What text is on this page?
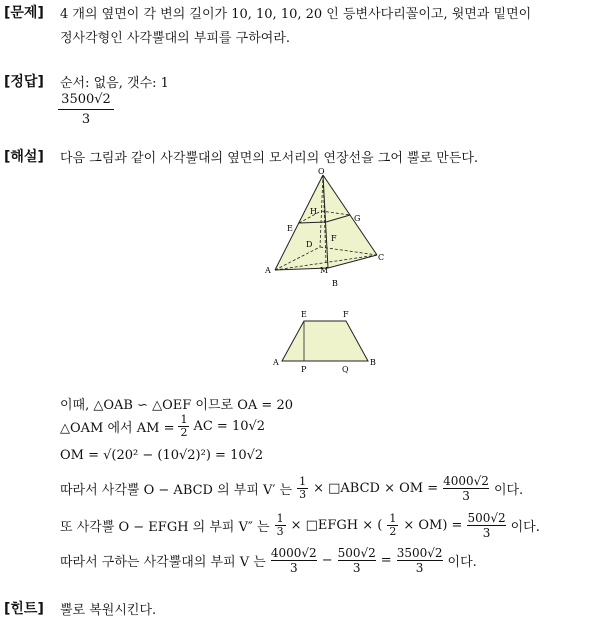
[문제] 4 개의 옆면이 각 변의 길이가 10, 10, 10, 20 인 등변사다리꼴이고, 윗면과 밑면이
정사각형인 사각뿔대의 부피를 구하여라.
[정답] 순서: 없음, 갯수: 1
$\frac{3500√2}{3}$
[해설] 다음 그림과 같이 사각뿔대의 옆면의 모서리의 연장선을 그어 뿔로 만든다.
O
E
H
G
D
F
A	M
B
C
E	F
A
P	Q
B
이때, △OAB ∽ △OEF 이므로 OA = 20
△OAM 에서 AM = $\frac{1}{2}$ AC = 10√2
OM = √(20² − (10√2)²) = 10√2
따라서 사각뿔 O − ABCD 의 부피 V′ 는 $\frac{1}{3}$ × □ABCD × OM = $\frac{4000√2}{3}$ 이다.
또 사각뿔 O − EFGH 의 부피 V″ 는 $\frac{1}{3}$ × □EFGH × ( $\frac{1}{2} \times OM) = \frac{500√2}{3}$ 이다.
따라서 구하는 사각뿔대의 부피 V 는 $\frac{4000√2}{3} - \frac{500√2}{3} = \frac{3500√2}{3}$ 이다.
[힌트] 뿔로 복원시킨다.
